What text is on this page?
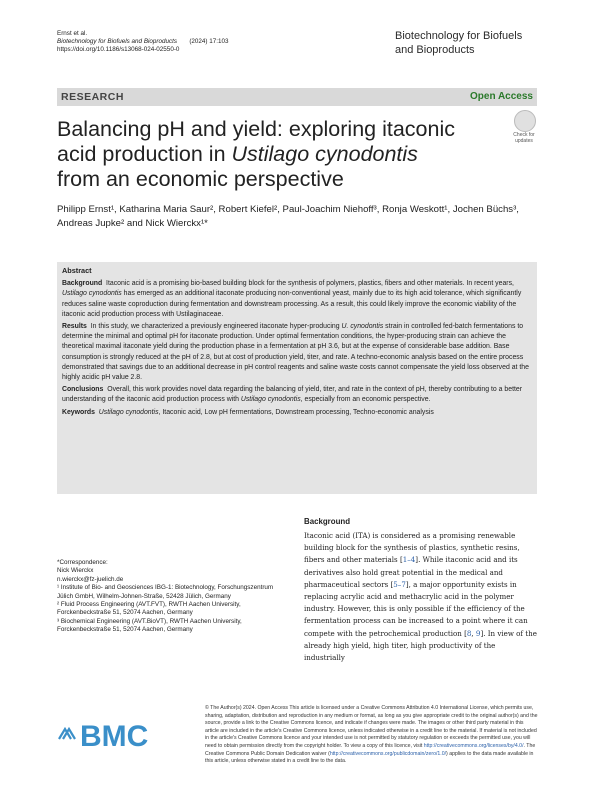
Ernst et al.
Biotechnology for Biofuels and Bioproducts (2024) 17:103
https://doi.org/10.1186/s13068-024-02550-0
Biotechnology for Biofuels
and Bioproducts
RESEARCH	Open Access
Balancing pH and yield: exploring itaconic
acid production in Ustilago cynodontis
from an economic perspective
Check for
updates
Philipp Ernst¹, Katharina Maria Saur², Robert Kiefel², Paul-Joachim Niehoff³, Ronja Weskott¹, Jochen Büchs³, Andreas Jupke² and Nick Wierckx¹*

Abstract

Background Itaconic acid is a promising bio-based building block for the synthesis of polymers, plastics, fibers and other materials. In recent years, Ustilago cynodontis has emerged as an additional itaconate producing non-conventional yeast, mainly due to its high acid tolerance, which significantly reduces saline waste coproduction during fermentation and downstream processing. As a result, this could likely improve the economic viability of the itaconic acid production process with Ustilaginaceae.

Results In this study, we characterized a previously engineered itaconate hyper-producing U. cynodontis strain in controlled fed-batch fermentations to determine the minimal and optimal pH for itaconate production. Under optimal fermentation conditions, the hyper-producing strain can achieve the theoretical maximal itaconate yield during the production phase in a fermentation at pH 3.6, but at the expense of considerable base addition. Base consumption is strongly reduced at the pH of 2.8, but at cost of production yield, titer, and rate. A techno-economic analysis based on the entire process demonstrated that savings due to an additional decrease in pH control reagents and saline waste costs cannot compensate the yield loss observed at the highly acidic pH value 2.8.

Conclusions Overall, this work provides novel data regarding the balancing of yield, titer, and rate in the context of pH, thereby contributing to a better understanding of the itaconic acid production process with Ustilago cynodontis, especially from an economic perspective.

Keywords Ustilago cynodontis, Itaconic acid, Low pH fermentations, Downstream processing, Techno-economic analysis

*Correspondence:

Nick Wierckx

n.wierckx@fz-juelich.de

¹ Institute of Bio- and Geosciences IBG-1: Biotechnology, Forschungszentrum Jülich GmbH, Wilhelm-Johnen-Straße, 52428 Jülich, Germany

² Fluid Process Engineering (AVT.FVT), RWTH Aachen University, Forckenbeckstraße 51, 52074 Aachen, Germany

³ Biochemical Engineering (AVT.BioVT), RWTH Aachen University, Forckenbeckstraße 51, 52074 Aachen, Germany

Background
Itaconic acid (ITA) is considered as a promising renewable building block for the synthesis of plastics, synthetic resins, fibers and other materials [1–4]. While itaconic acid and its derivatives also hold great potential in the medical and pharmaceutical sectors [5–7], a major opportunity exists in replacing acrylic acid and methacrylic acid in the polymer industry. However, this is only possible if the efficiency of the fermentation process can be increased to a point where it can compete with the petrochemical production [8, 9]. In view of the already high yield, high titer, high productivity of the industrially
BMC
© The Author(s) 2024. Open Access This article is licensed under a Creative Commons Attribution 4.0 International License, which permits use, sharing, adaptation, distribution and reproduction in any medium or format, as long as you give appropriate credit to the original author(s) and the source, provide a link to the Creative Commons licence, and indicate if changes were made. The images or other third party material in this article are included in the article's Creative Commons licence, unless indicated otherwise in a credit line to the material. If material is not included in the article's Creative Commons licence and your intended use is not permitted by statutory regulation or exceeds the permitted use, you will need to obtain permission directly from the copyright holder. To view a copy of this licence, visit http://creativecommons.org/licenses/by/4.0/. The Creative Commons Public Domain Dedication waiver (http://creativecommons.org/publicdomain/zero/1.0/) applies to the data made available in this article, unless otherwise stated in a credit line to the data.
